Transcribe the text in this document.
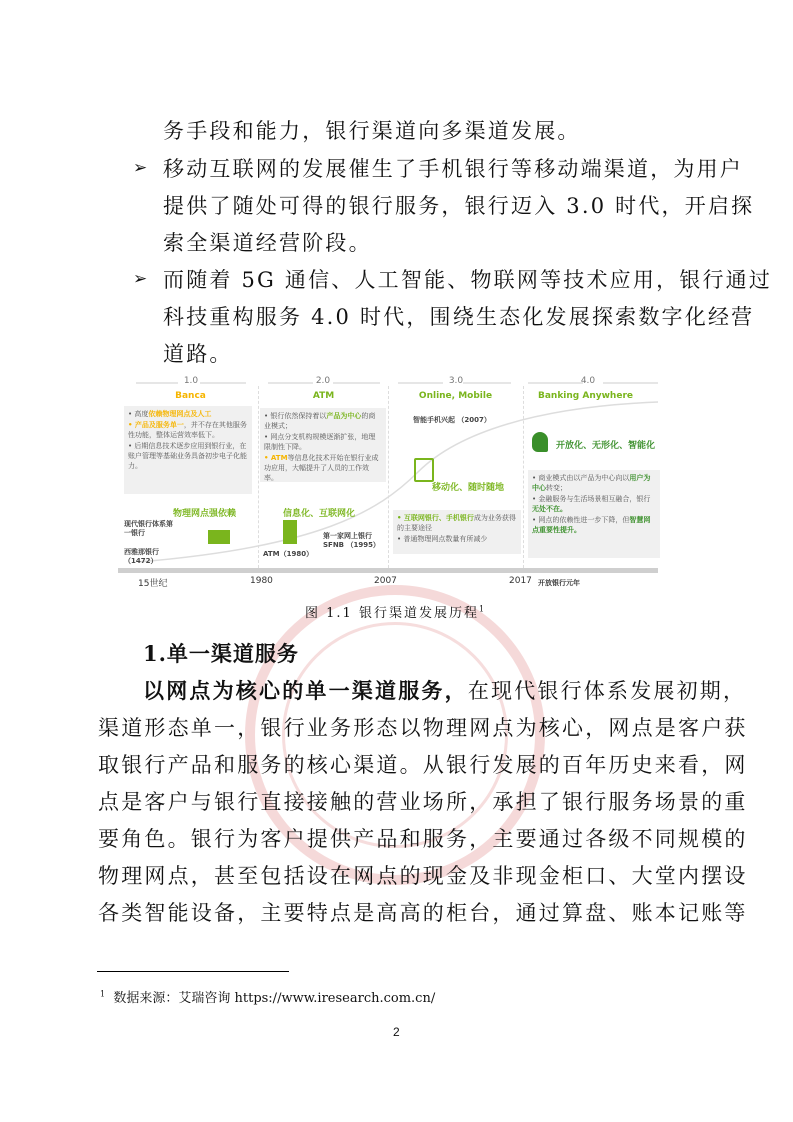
务手段和能力，银行渠道向多渠道发展。
➢ 移动互联网的发展催生了手机银行等移动端渠道，为用户
提供了随处可得的银行服务，银行迈入 3.0 时代，开启探
索全渠道经营阶段。
➢ 而随着 5G 通信、人工智能、物联网等技术应用，银行通过
科技重构服务 4.0 时代，围绕生态化发展探索数字化经营
道路。
1.0	2.0	3.0	4.0
Banca	ATM	Online, Mobile	Banking Anywhere

• 高度依赖物理网点及人工

• 产品及服务单一，并不存在其他服务性功能，整体运营效率低下。

• 后期信息技术逐步应用到银行业，在账户管理等基础业务具备初步电子化能力。

• 银行依然保持着以产品为中心的商业模式；

• 网点分支机构规模逐渐扩张，地理限制性下降。

• ATM等信息化技术开始在银行业成功应用，大幅提升了人员的工作效率。

智能手机兴起 （2007）
物理网点强依赖
现代银行体系第一银行
西雅那银行（1472）
信息化、互联网化
ATM（1980）
第一家网上银行 SFNB （1995）
移动化、随时随地

• 互联网银行、手机银行成为业务获得的主要途径

• 普通物理网点数量有所减少

开放化、无形化、智能化

• 商业模式由以产品为中心向以用户为中心转变；

• 金融服务与生活场景相互融合，银行无处不在。

• 网点的依赖性进一步下降，但智慧网点重要性提升。

15世纪	1980	2007	2017 开放银行元年
图 1.1 银行渠道发展历程$^1$
1.单一渠道服务
以网点为核心的单一渠道服务，在现代银行体系发展初期，
渠道形态单一，银行业务形态以物理网点为核心，网点是客户获
取银行产品和服务的核心渠道。从银行发展的百年历史来看，网
点是客户与银行直接接触的营业场所，承担了银行服务场景的重
要角色。银行为客户提供产品和服务，主要通过各级不同规模的
物理网点，甚至包括设在网点的现金及非现金柜口、大堂内摆设
各类智能设备，主要特点是高高的柜台，通过算盘、账本记账等
$^1$ 数据来源：艾瑞咨询 https://www.iresearch.com.cn/
2
